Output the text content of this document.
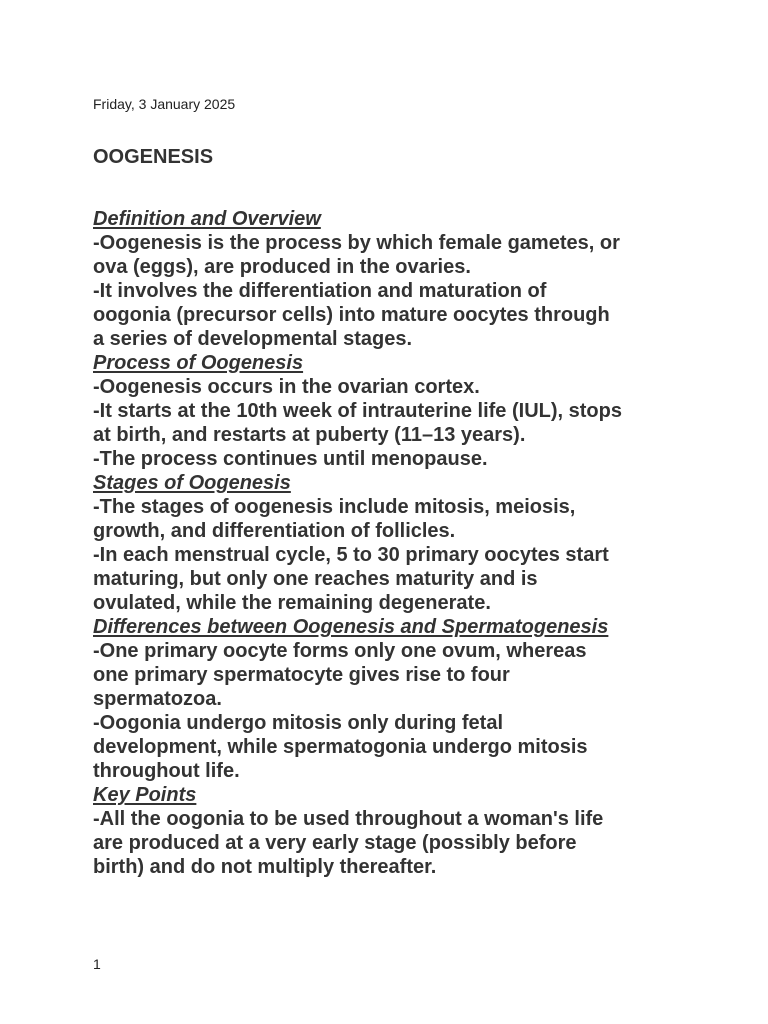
Friday, 3 January 2025
OOGENESIS
Definition and Overview

-Oogenesis is the process by which female gametes, or

ova (eggs), are produced in the ovaries.

-It involves the differentiation and maturation of

oogonia (precursor cells) into mature oocytes through

a series of developmental stages.

Process of Oogenesis

-Oogenesis occurs in the ovarian cortex.

-It starts at the 10th week of intrauterine life (IUL), stops

at birth, and restarts at puberty (11–13 years).

-The process continues until menopause.

Stages of Oogenesis

-The stages of oogenesis include mitosis, meiosis,

growth, and differentiation of follicles.

-In each menstrual cycle, 5 to 30 primary oocytes start

maturing, but only one reaches maturity and is

ovulated, while the remaining degenerate.

Differences between Oogenesis and Spermatogenesis

-One primary oocyte forms only one ovum, whereas

one primary spermatocyte gives rise to four

spermatozoa.

-Oogonia undergo mitosis only during fetal

development, while spermatogonia undergo mitosis

throughout life.

Key Points

-All the oogonia to be used throughout a woman's life

are produced at a very early stage (possibly before

birth) and do not multiply thereafter.

1
